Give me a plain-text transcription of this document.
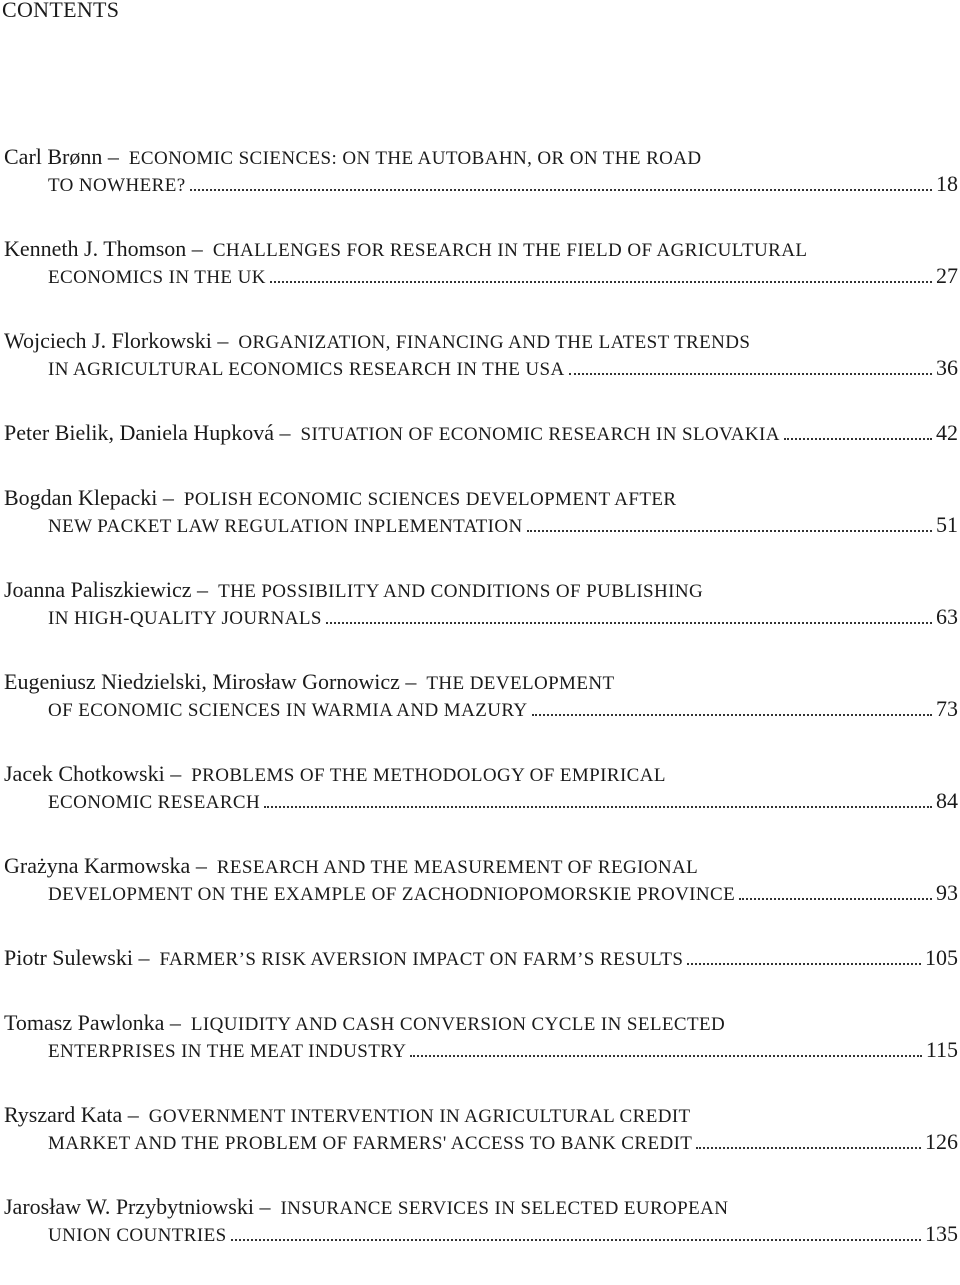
CONTENTS
Carl Brønn – ECONOMIC SCIENCES: ON THE AUTOBAHN, OR ON THE ROAD
TO NOWHERE?	18
Kenneth J. Thomson – CHALLENGES FOR RESEARCH IN THE FIELD OF AGRICULTURAL
ECONOMICS IN THE UK	27
Wojciech J. Florkowski – ORGANIZATION, FINANCING AND THE LATEST TRENDS
IN AGRICULTURAL ECONOMICS RESEARCH IN THE USA	36
Peter Bielik, Daniela Hupková – SITUATION OF ECONOMIC RESEARCH IN SLOVAKIA	42
Bogdan Klepacki – POLISH ECONOMIC SCIENCES DEVELOPMENT AFTER
NEW PACKET LAW REGULATION INPLEMENTATION	51
Joanna Paliszkiewicz – THE POSSIBILITY AND CONDITIONS OF PUBLISHING
IN HIGH-QUALITY JOURNALS	63
Eugeniusz Niedzielski, Mirosław Gornowicz – THE DEVELOPMENT
OF ECONOMIC SCIENCES IN WARMIA AND MAZURY	73
Jacek Chotkowski – PROBLEMS OF THE METHODOLOGY OF EMPIRICAL
ECONOMIC RESEARCH	84
Grażyna Karmowska – RESEARCH AND THE MEASUREMENT OF REGIONAL
DEVELOPMENT ON THE EXAMPLE OF ZACHODNIOPOMORSKIE PROVINCE	93
Piotr Sulewski – FARMER’S RISK AVERSION IMPACT ON FARM’S RESULTS	105
Tomasz Pawlonka – LIQUIDITY AND CASH CONVERSION CYCLE IN SELECTED
ENTERPRISES IN THE MEAT INDUSTRY	115
Ryszard Kata – GOVERNMENT INTERVENTION IN AGRICULTURAL CREDIT
MARKET AND THE PROBLEM OF FARMERS' ACCESS TO BANK CREDIT	126
Jarosław W. Przybytniowski – INSURANCE SERVICES IN SELECTED EUROPEAN
UNION COUNTRIES	135
